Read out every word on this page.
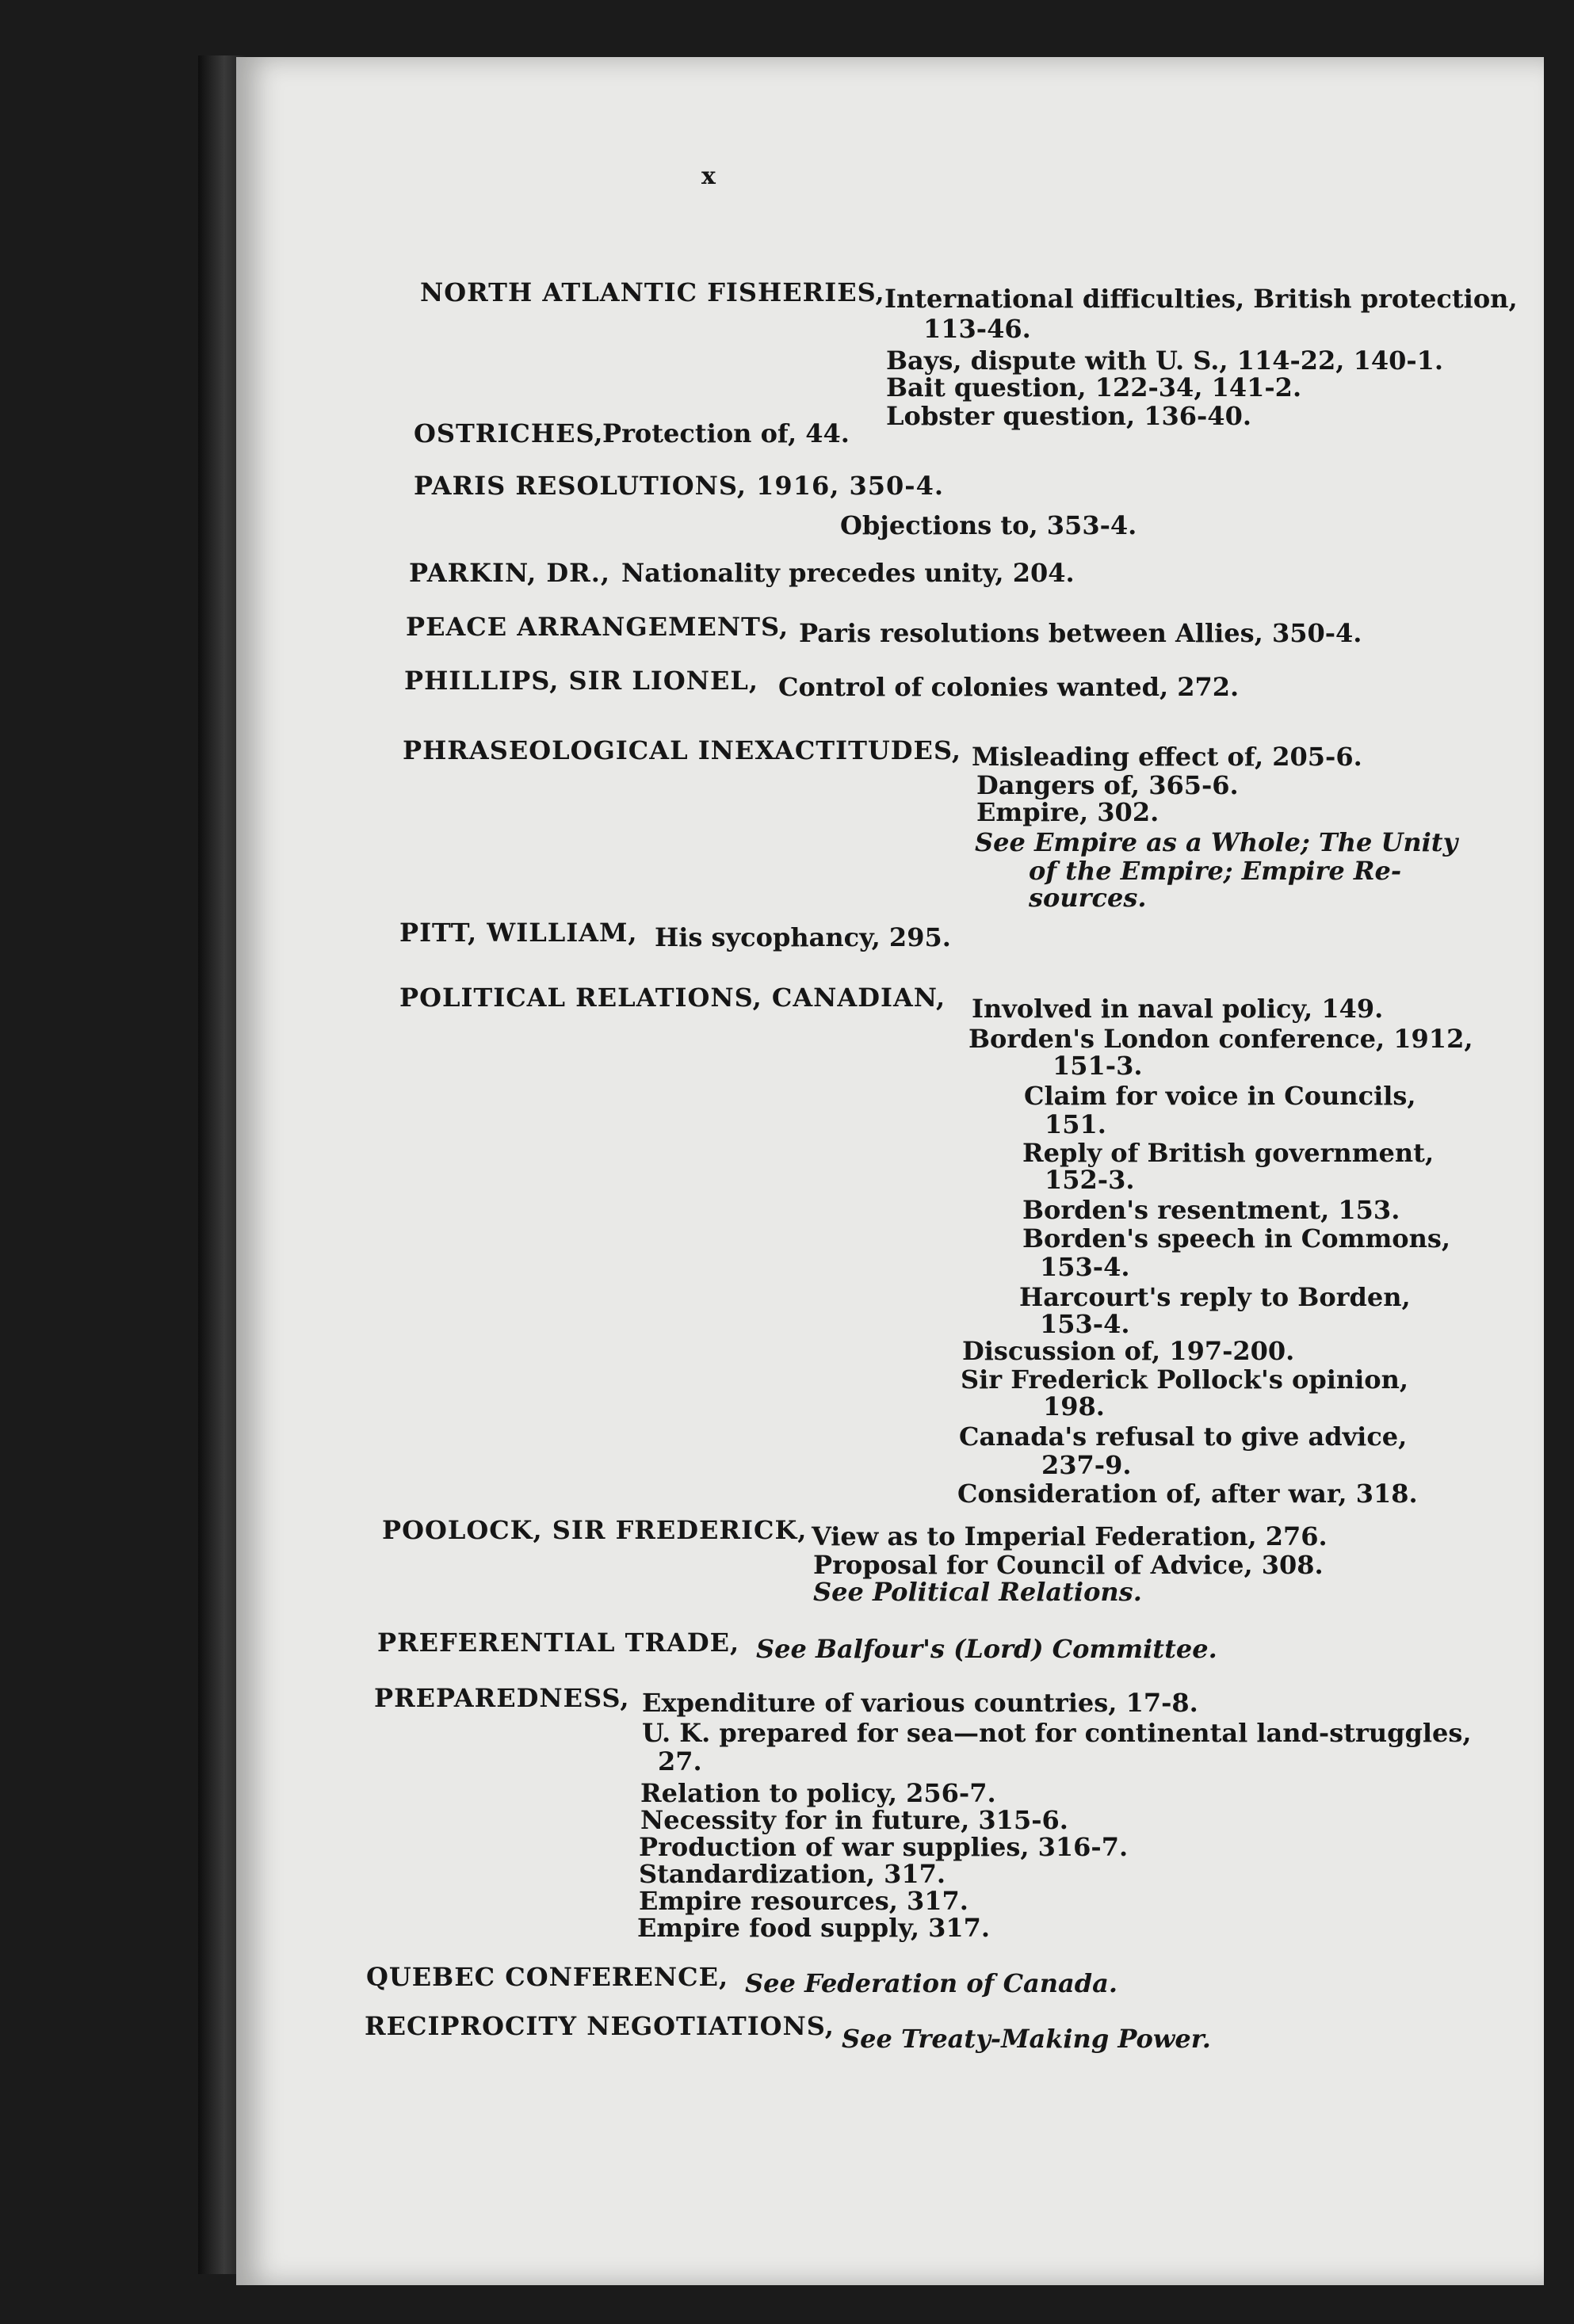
x
NORTH ATLANTIC FISHERIES, International difficulties, British protection,
113-46.
Bays, dispute with U. S., 114-22, 140-1.
Bait question, 122-34, 141-2.
Lobster question, 136-40.
OSTRICHES,
Protection of, 44.
PARIS RESOLUTIONS, 1916, 350-4.
Objections to, 353-4.
PARKIN, DR., Nationality precedes unity, 204.
PEACE ARRANGEMENTS, Paris resolutions between Allies, 350-4.
PHILLIPS, SIR LIONEL, Control of colonies wanted, 272.
PHRASEOLOGICAL INEXACTITUDES, Misleading effect of, 205-6.
Dangers of, 365-6.
Empire, 302.
See Empire as a Whole; The Unity
of the Empire; Empire Re-
sources.
PITT, WILLIAM, His sycophancy, 295.
POLITICAL RELATIONS, CANADIAN, Involved in naval policy, 149.
Borden's London conference, 1912,
151-3.
Claim for voice in Councils,
151.
Reply of British government,
152-3.
Borden's resentment, 153.
Borden's speech in Commons,
153-4.
Harcourt's reply to Borden,
153-4.
Discussion of, 197-200.
Sir Frederick Pollock's opinion,
198.
Canada's refusal to give advice,
237-9.
Consideration of, after war, 318.
POOLOCK, SIR FREDERICK, View as to Imperial Federation, 276.
Proposal for Council of Advice, 308.
See Political Relations.
PREFERENTIAL TRADE, See Balfour's (Lord) Committee.
PREPAREDNESS, Expenditure of various countries, 17-8.
U. K. prepared for sea—not for continental land-struggles,
27.
Relation to policy, 256-7.
Necessity for in future, 315-6.
Production of war supplies, 316-7.
Standardization, 317.
Empire resources, 317.
Empire food supply, 317.
QUEBEC CONFERENCE, See Federation of Canada.
RECIPROCITY NEGOTIATIONS, See Treaty-Making Power.
